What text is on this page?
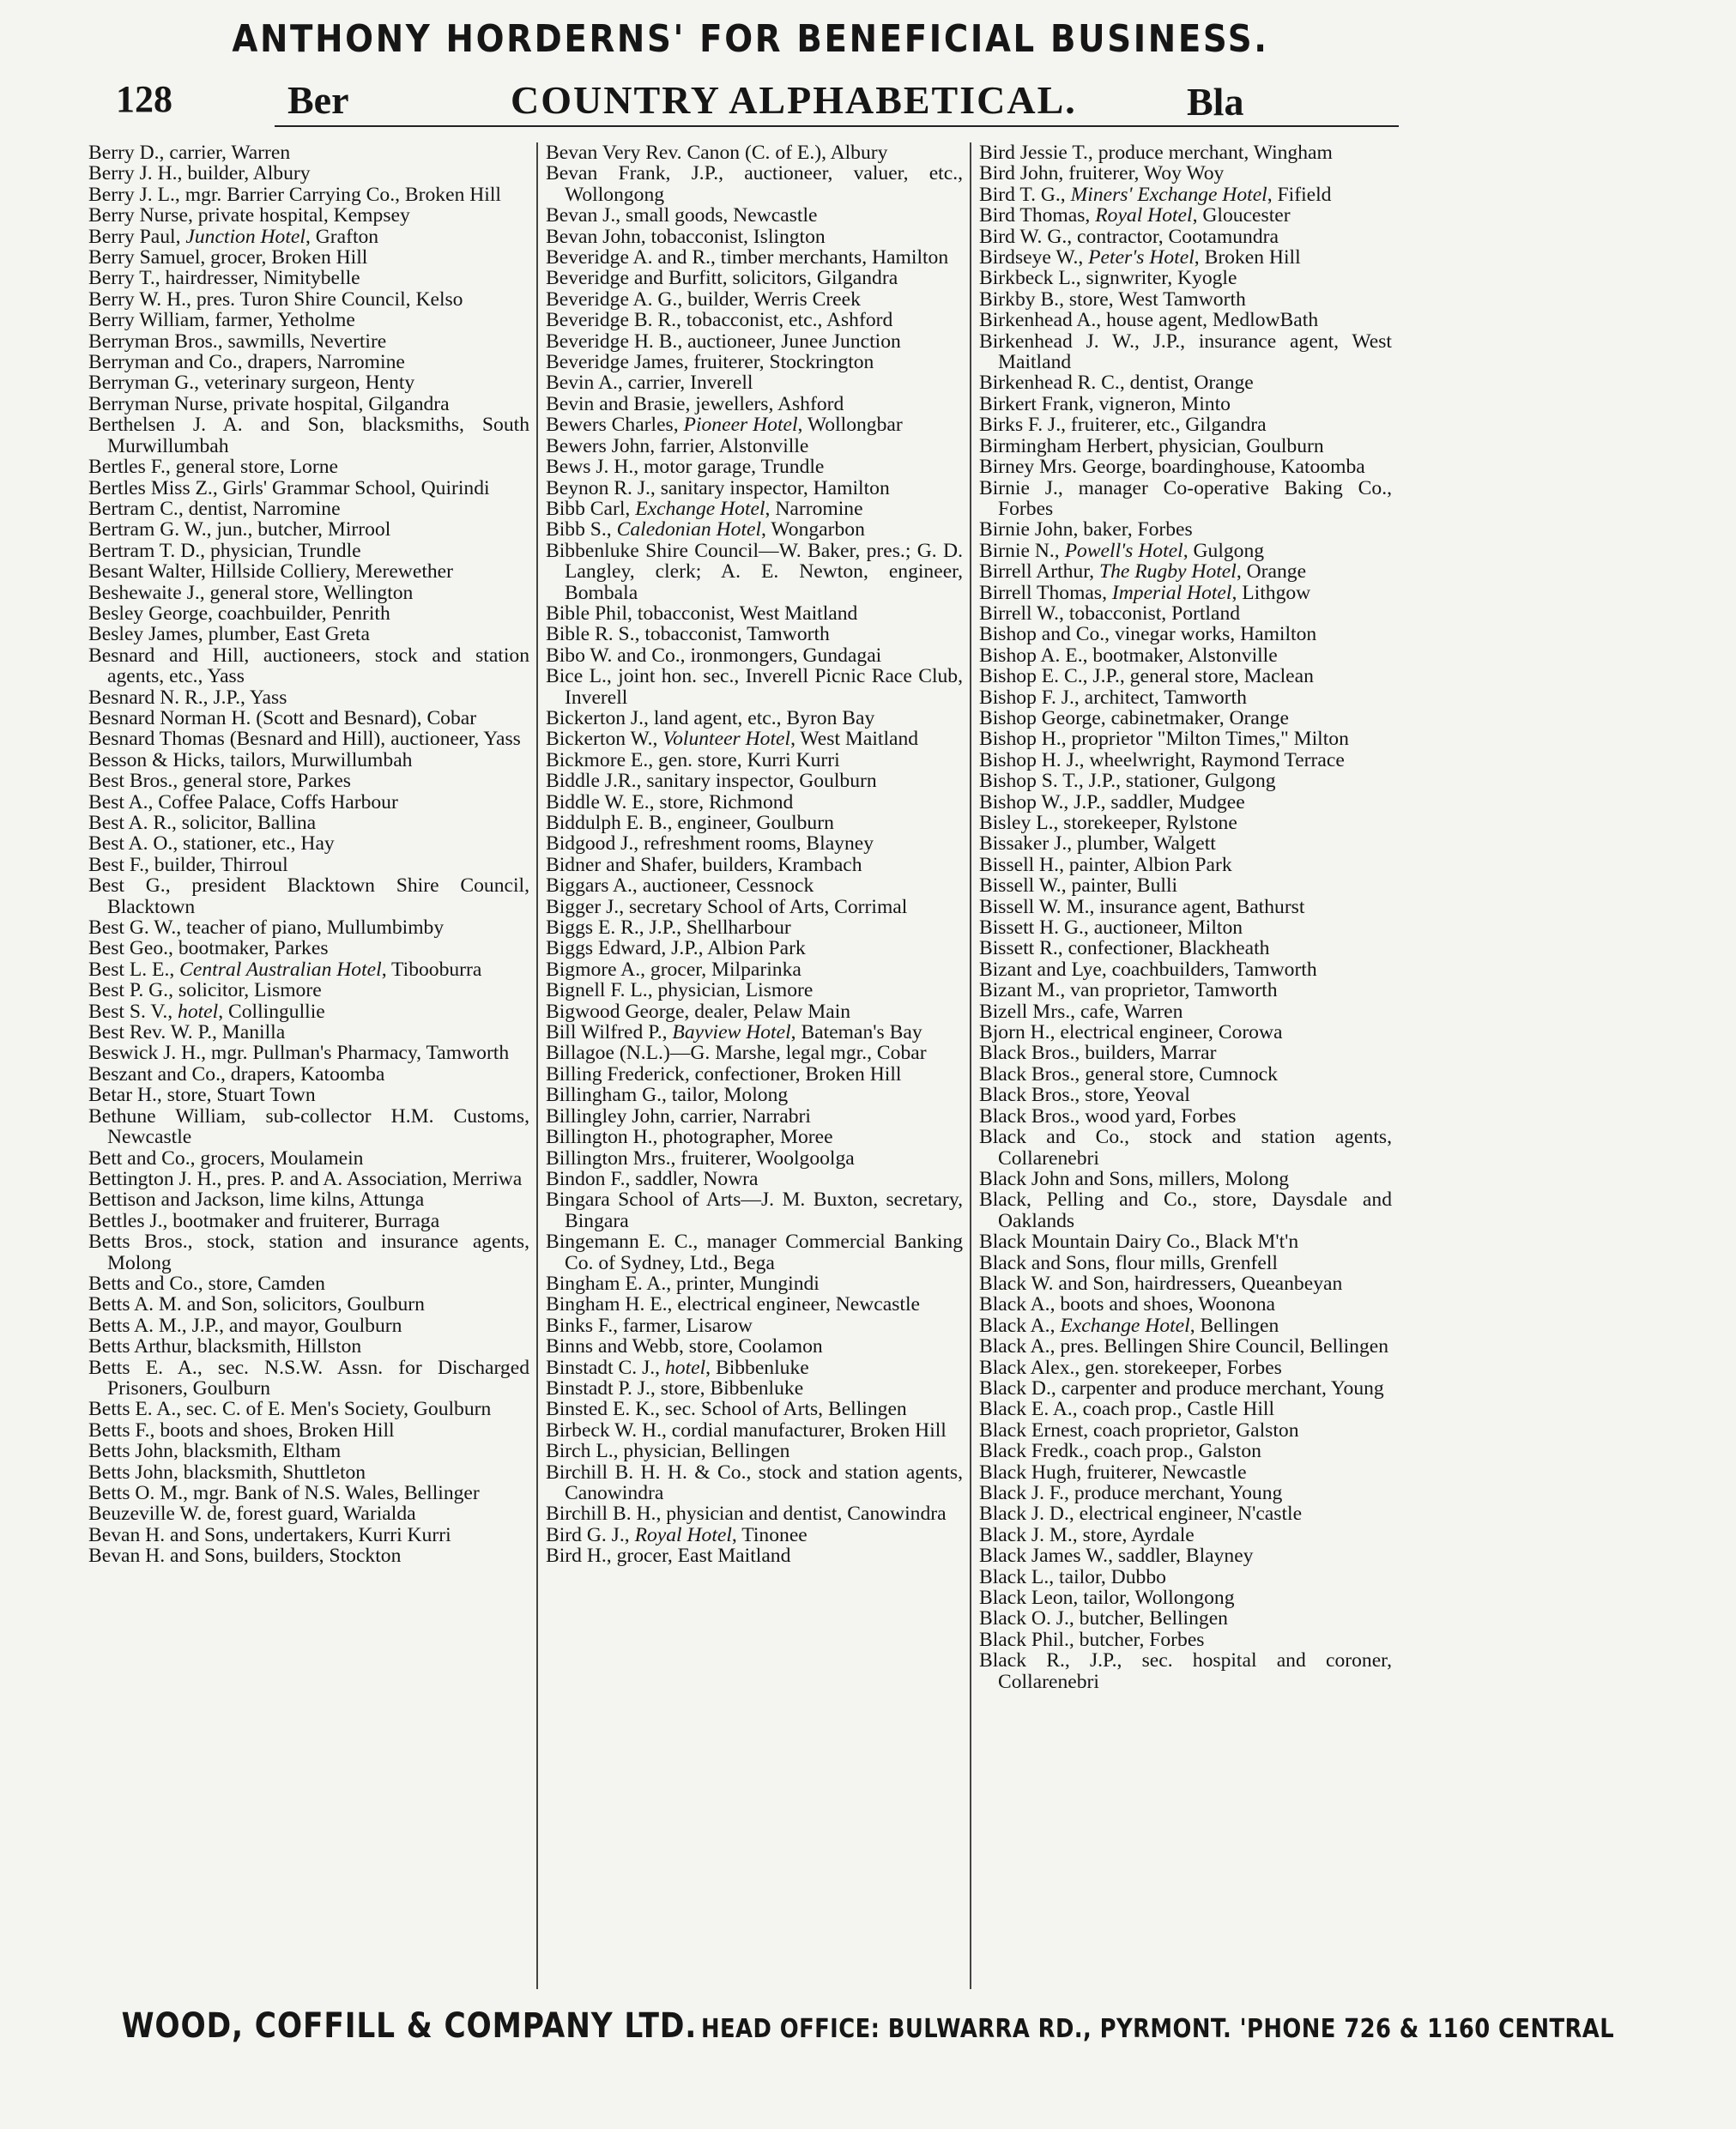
ANTHONY HORDERNS' FOR BENEFICIAL BUSINESS.
128	Ber	COUNTRY ALPHABETICAL.	Bla
Berry D., carrier, Warren
Berry J. H., builder, Albury
Berry J. L., mgr. Barrier Carrying Co., Broken Hill
Berry Nurse, private hospital, Kempsey
Berry Paul, Junction Hotel, Grafton
Berry Samuel, grocer, Broken Hill
Berry T., hairdresser, Nimitybelle
Berry W. H., pres. Turon Shire Council, Kelso
Berry William, farmer, Yetholme
Berryman Bros., sawmills, Nevertire
Berryman and Co., drapers, Narromine
Berryman G., veterinary surgeon, Henty
Berryman Nurse, private hospital, Gilgandra
Berthelsen J. A. and Son, blacksmiths, South Murwillumbah
Bertles F., general store, Lorne
Bertles Miss Z., Girls' Grammar School, Quirindi
Bertram C., dentist, Narromine
Bertram G. W., jun., butcher, Mirrool
Bertram T. D., physician, Trundle
Besant Walter, Hillside Colliery, Merewether
Beshewaite J., general store, Wellington
Besley George, coachbuilder, Penrith
Besley James, plumber, East Greta
Besnard and Hill, auctioneers, stock and station agents, etc., Yass
Besnard N. R., J.P., Yass
Besnard Norman H. (Scott and Besnard), Cobar
Besnard Thomas (Besnard and Hill), auctioneer, Yass
Besson & Hicks, tailors, Murwillumbah
Best Bros., general store, Parkes
Best A., Coffee Palace, Coffs Harbour
Best A. R., solicitor, Ballina
Best A. O., stationer, etc., Hay
Best F., builder, Thirroul
Best G., president Blacktown Shire Council, Blacktown
Best G. W., teacher of piano, Mullumbimby
Best Geo., bootmaker, Parkes
Best L. E., Central Australian Hotel, Tibooburra
Best P. G., solicitor, Lismore
Best S. V., hotel, Collingullie
Best Rev. W. P., Manilla
Beswick J. H., mgr. Pullman's Pharmacy, Tamworth
Beszant and Co., drapers, Katoomba
Betar H., store, Stuart Town
Bethune William, sub-collector H.M. Customs, Newcastle
Bett and Co., grocers, Moulamein
Bettington J. H., pres. P. and A. Association, Merriwa
Bettison and Jackson, lime kilns, Attunga
Bettles J., bootmaker and fruiterer, Burraga
Betts Bros., stock, station and insurance agents, Molong
Betts and Co., store, Camden
Betts A. M. and Son, solicitors, Goulburn
Betts A. M., J.P., and mayor, Goulburn
Betts Arthur, blacksmith, Hillston
Betts E. A., sec. N.S.W. Assn. for Discharged Prisoners, Goulburn
Betts E. A., sec. C. of E. Men's Society, Goulburn
Betts F., boots and shoes, Broken Hill
Betts John, blacksmith, Eltham
Betts John, blacksmith, Shuttleton
Betts O. M., mgr. Bank of N.S. Wales, Bellinger
Beuzeville W. de, forest guard, Warialda
Bevan H. and Sons, undertakers, Kurri Kurri
Bevan H. and Sons, builders, Stockton
Bevan Very Rev. Canon (C. of E.), Albury
Bevan Frank, J.P., auctioneer, valuer, etc., Wollongong
Bevan J., small goods, Newcastle
Bevan John, tobacconist, Islington
Beveridge A. and R., timber merchants, Hamilton
Beveridge and Burfitt, solicitors, Gilgandra
Beveridge A. G., builder, Werris Creek
Beveridge B. R., tobacconist, etc., Ashford
Beveridge H. B., auctioneer, Junee Junction
Beveridge James, fruiterer, Stockrington
Bevin A., carrier, Inverell
Bevin and Brasie, jewellers, Ashford
Bewers Charles, Pioneer Hotel, Wollongbar
Bewers John, farrier, Alstonville
Bews J. H., motor garage, Trundle
Beynon R. J., sanitary inspector, Hamilton
Bibb Carl, Exchange Hotel, Narromine
Bibb S., Caledonian Hotel, Wongarbon
Bibbenluke Shire Council—W. Baker, pres.; G. D. Langley, clerk; A. E. Newton, engineer, Bombala
Bible Phil, tobacconist, West Maitland
Bible R. S., tobacconist, Tamworth
Bibo W. and Co., ironmongers, Gundagai
Bice L., joint hon. sec., Inverell Picnic Race Club, Inverell
Bickerton J., land agent, etc., Byron Bay
Bickerton W., Volunteer Hotel, West Maitland
Bickmore E., gen. store, Kurri Kurri
Biddle J.R., sanitary inspector, Goulburn
Biddle W. E., store, Richmond
Biddulph E. B., engineer, Goulburn
Bidgood J., refreshment rooms, Blayney
Bidner and Shafer, builders, Krambach
Biggars A., auctioneer, Cessnock
Bigger J., secretary School of Arts, Corrimal
Biggs E. R., J.P., Shellharbour
Biggs Edward, J.P., Albion Park
Bigmore A., grocer, Milparinka
Bignell F. L., physician, Lismore
Bigwood George, dealer, Pelaw Main
Bill Wilfred P., Bayview Hotel, Bateman's Bay
Billagoe (N.L.)—G. Marshe, legal mgr., Cobar
Billing Frederick, confectioner, Broken Hill
Billingham G., tailor, Molong
Billingley John, carrier, Narrabri
Billington H., photographer, Moree
Billington Mrs., fruiterer, Woolgoolga
Bindon F., saddler, Nowra
Bingara School of Arts—J. M. Buxton, secretary, Bingara
Bingemann E. C., manager Commercial Banking Co. of Sydney, Ltd., Bega
Bingham E. A., printer, Mungindi
Bingham H. E., electrical engineer, Newcastle
Binks F., farmer, Lisarow
Binns and Webb, store, Coolamon
Binstadt C. J., hotel, Bibbenluke
Binstadt P. J., store, Bibbenluke
Binsted E. K., sec. School of Arts, Bellingen
Birbeck W. H., cordial manufacturer, Broken Hill
Birch L., physician, Bellingen
Birchill B. H. H. & Co., stock and station agents, Canowindra
Birchill B. H., physician and dentist, Canowindra
Bird G. J., Royal Hotel, Tinonee
Bird H., grocer, East Maitland
Bird Jessie T., produce merchant, Wingham
Bird John, fruiterer, Woy Woy
Bird T. G., Miners' Exchange Hotel, Fifield
Bird Thomas, Royal Hotel, Gloucester
Bird W. G., contractor, Cootamundra
Birdseye W., Peter's Hotel, Broken Hill
Birkbeck L., signwriter, Kyogle
Birkby B., store, West Tamworth
Birkenhead A., house agent, MedlowBath
Birkenhead J. W., J.P., insurance agent, West Maitland
Birkenhead R. C., dentist, Orange
Birkert Frank, vigneron, Minto
Birks F. J., fruiterer, etc., Gilgandra
Birmingham Herbert, physician, Goulburn
Birney Mrs. George, boardinghouse, Katoomba
Birnie J., manager Co-operative Baking Co., Forbes
Birnie John, baker, Forbes
Birnie N., Powell's Hotel, Gulgong
Birrell Arthur, The Rugby Hotel, Orange
Birrell Thomas, Imperial Hotel, Lithgow
Birrell W., tobacconist, Portland
Bishop and Co., vinegar works, Hamilton
Bishop A. E., bootmaker, Alstonville
Bishop E. C., J.P., general store, Maclean
Bishop F. J., architect, Tamworth
Bishop George, cabinetmaker, Orange
Bishop H., proprietor "Milton Times," Milton
Bishop H. J., wheelwright, Raymond Terrace
Bishop S. T., J.P., stationer, Gulgong
Bishop W., J.P., saddler, Mudgee
Bisley L., storekeeper, Rylstone
Bissaker J., plumber, Walgett
Bissell H., painter, Albion Park
Bissell W., painter, Bulli
Bissell W. M., insurance agent, Bathurst
Bissett H. G., auctioneer, Milton
Bissett R., confectioner, Blackheath
Bizant and Lye, coachbuilders, Tamworth
Bizant M., van proprietor, Tamworth
Bizell Mrs., cafe, Warren
Bjorn H., electrical engineer, Corowa
Black Bros., builders, Marrar
Black Bros., general store, Cumnock
Black Bros., store, Yeoval
Black Bros., wood yard, Forbes
Black and Co., stock and station agents, Collarenebri
Black John and Sons, millers, Molong
Black, Pelling and Co., store, Daysdale and Oaklands
Black Mountain Dairy Co., Black M't'n
Black and Sons, flour mills, Grenfell
Black W. and Son, hairdressers, Queanbeyan
Black A., boots and shoes, Woonona
Black A., Exchange Hotel, Bellingen
Black A., pres. Bellingen Shire Council, Bellingen
Black Alex., gen. storekeeper, Forbes
Black D., carpenter and produce merchant, Young
Black E. A., coach prop., Castle Hill
Black Ernest, coach proprietor, Galston
Black Fredk., coach prop., Galston
Black Hugh, fruiterer, Newcastle
Black J. F., produce merchant, Young
Black J. D., electrical engineer, N'castle
Black J. M., store, Ayrdale
Black James W., saddler, Blayney
Black L., tailor, Dubbo
Black Leon, tailor, Wollongong
Black O. J., butcher, Bellingen
Black Phil., butcher, Forbes
Black R., J.P., sec. hospital and coroner, Collarenebri
WOOD, COFFILL & COMPANY LTD. HEAD OFFICE: BULWARRA RD., PYRMONT. 'PHONE 726 & 1160 CENTRAL
